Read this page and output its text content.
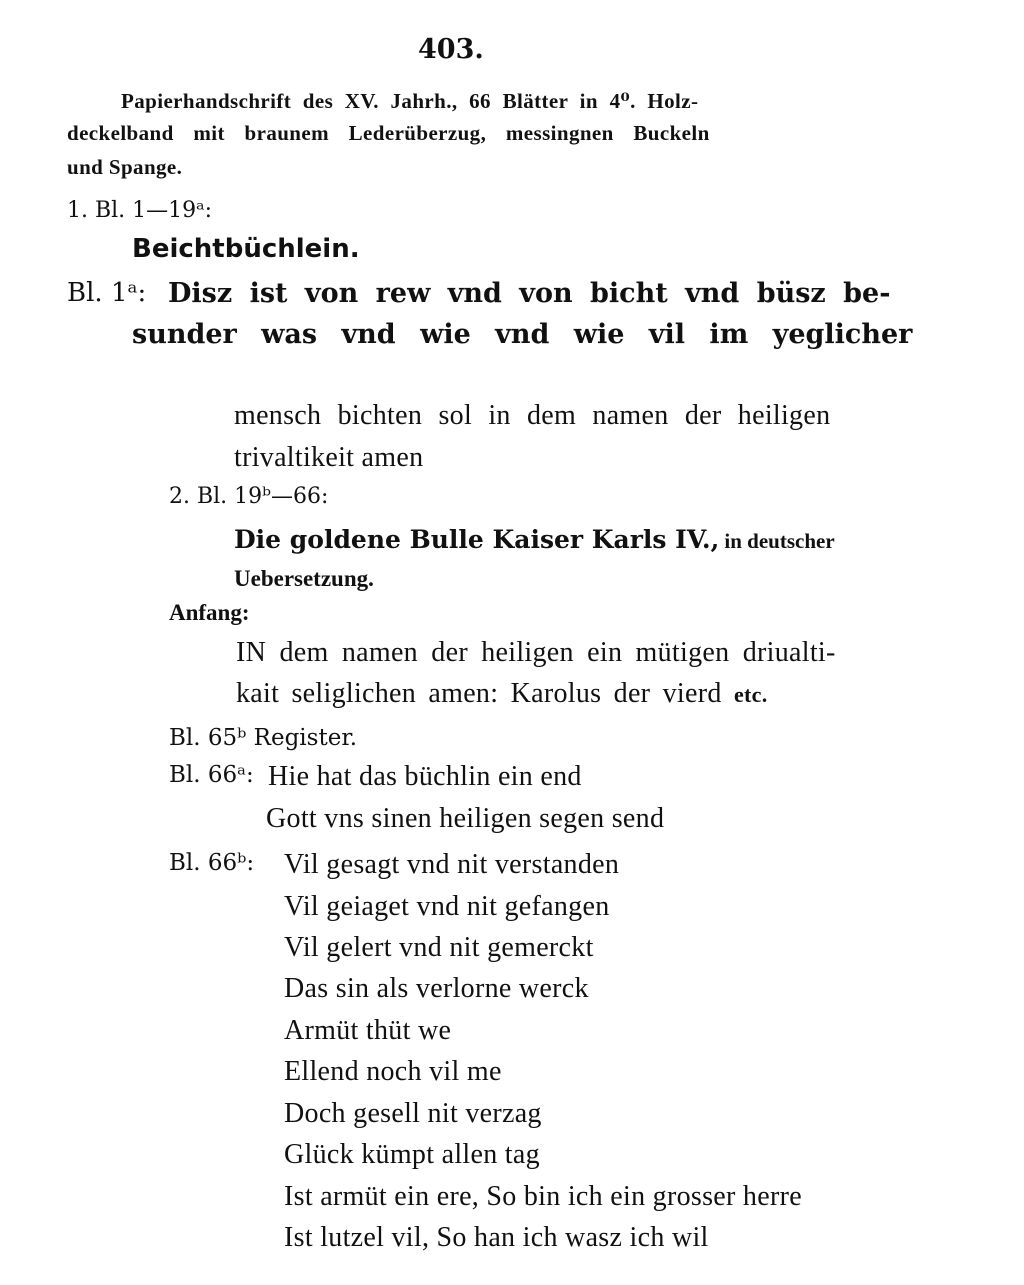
403.
Papierhandschrift des XV. Jahrh., 66 Blätter in 4⁰. Holz-
deckelband mit braunem Lederüberzug, messingnen Buckeln
und Spange.
1. Bl. 1—19ᵃ:
Beichtbüchlein.
Bl. 1ᵃ: Disz ist von rew vnd von bicht vnd büsz be-
sunder was vnd wie vnd wie vil im yeglicher
mensch bichten sol in dem namen der heiligen
trivaltikeit amen
2. Bl. 19ᵇ—66:
Die goldene Bulle Kaiser Karls IV., in deutscher
Uebersetzung.
Anfang:
IN dem namen der heiligen ein mütigen driualti-
kait seliglichen amen: Karolus der vierd etc.
Bl. 65ᵇ Register.
Bl. 66ᵃ: Hie hat das büchlin ein end
Gott vns sinen heiligen segen send
Bl. 66ᵇ: Vil gesagt vnd nit verstanden
Vil geiaget vnd nit gefangen
Vil gelert vnd nit gemerckt
Das sin als verlorne werck
Armüt thüt we
Ellend noch vil me
Doch gesell nit verzag
Glück kümpt allen tag
Ist armüt ein ere, So bin ich ein grosser herre
Ist lutzel vil, So han ich wasz ich wil
